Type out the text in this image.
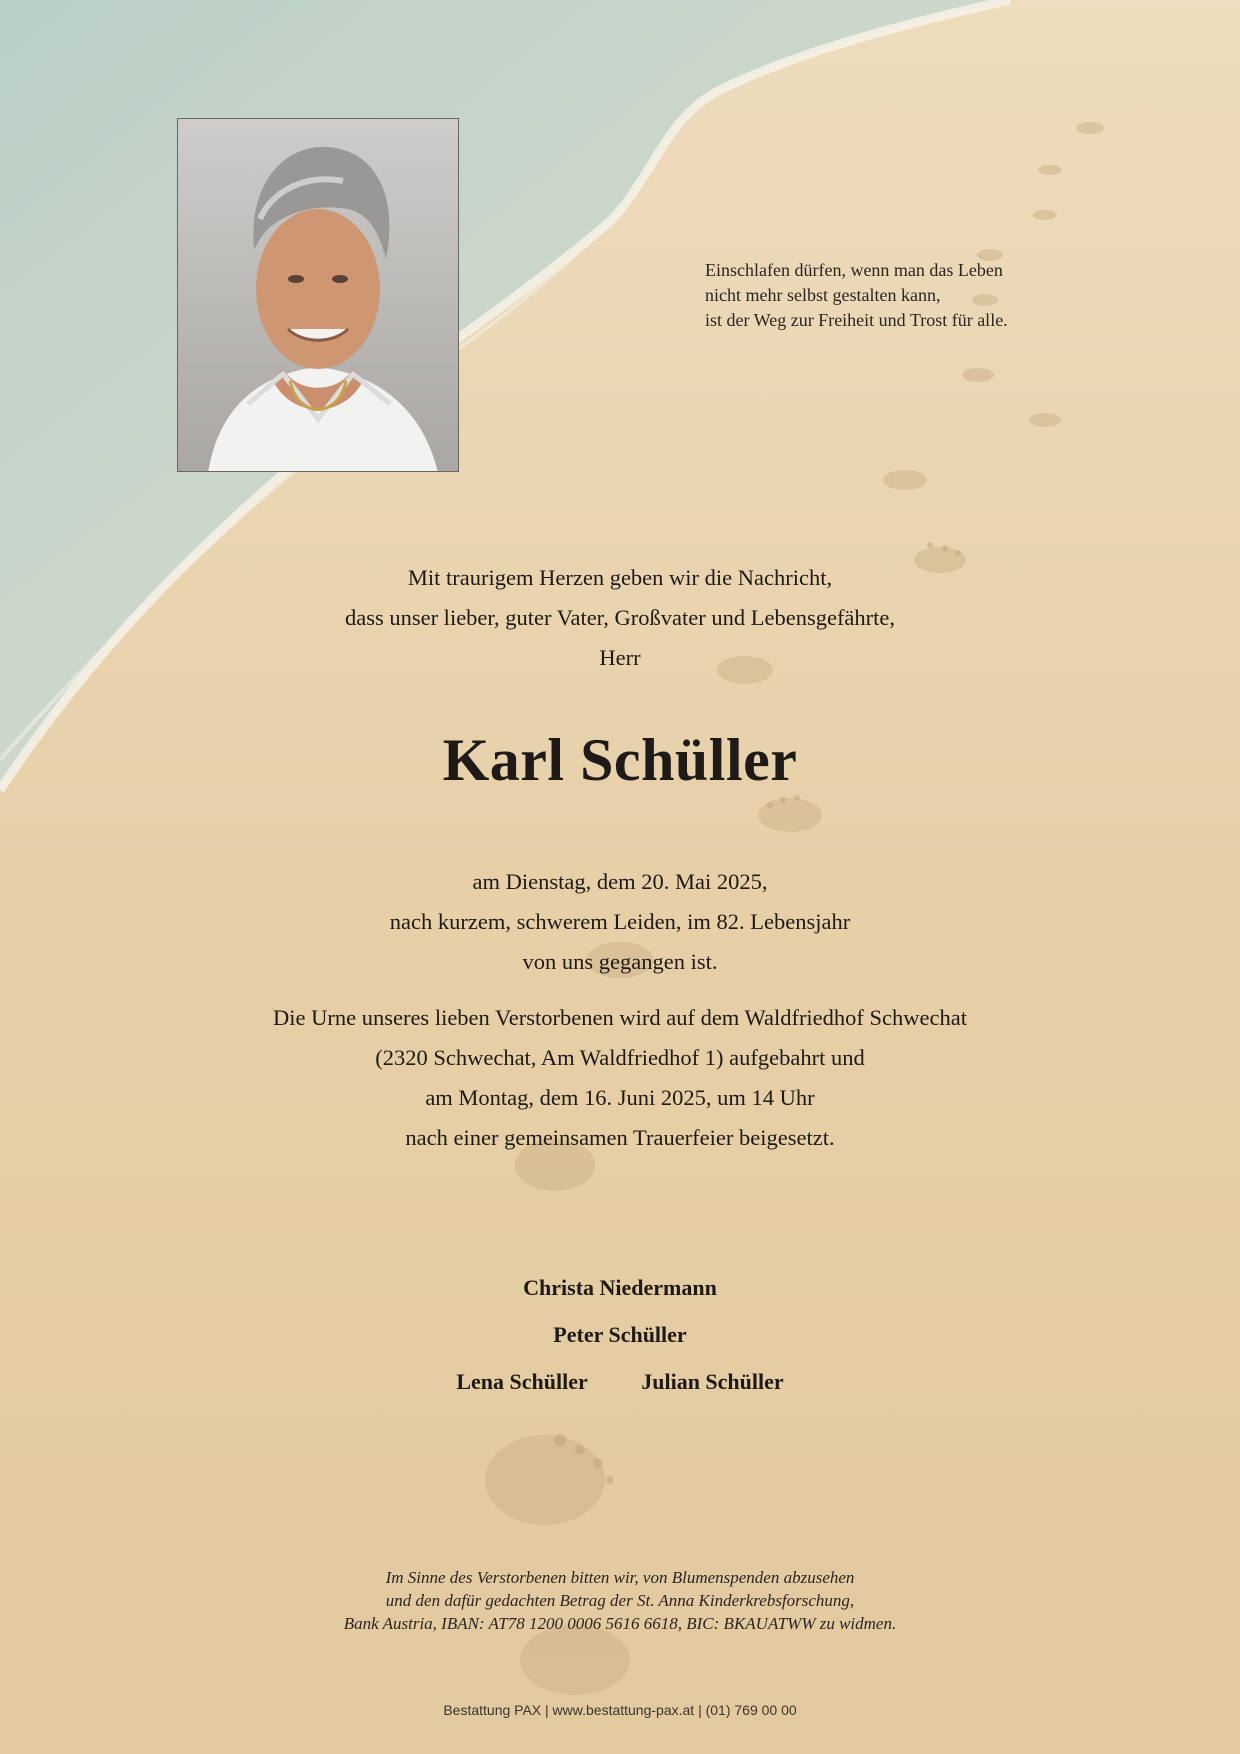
Einschlafen dürfen, wenn man das Leben
nicht mehr selbst gestalten kann,
ist der Weg zur Freiheit und Trost für alle.
Mit traurigem Herzen geben wir die Nachricht,
dass unser lieber, guter Vater, Großvater und Lebensgefährte,
Herr
Karl Schüller
am Dienstag, dem 20. Mai 2025,
nach kurzem, schwerem Leiden, im 82. Lebensjahr
von uns gegangen ist.
Die Urne unseres lieben Verstorbenen wird auf dem Waldfriedhof Schwechat
(2320 Schwechat, Am Waldfriedhof 1) aufgebahrt und
am Montag, dem 16. Juni 2025, um 14 Uhr
nach einer gemeinsamen Trauerfeier beigesetzt.
Christa Niedermann
Peter Schüller
Lena Schüller Julian Schüller
Im Sinne des Verstorbenen bitten wir, von Blumenspenden abzusehen
und den dafür gedachten Betrag der St. Anna Kinderkrebsforschung,
Bank Austria, IBAN: AT78 1200 0006 5616 6618, BIC: BKAUATWW zu widmen.
Bestattung PAX | www.bestattung-pax.at | (01) 769 00 00
